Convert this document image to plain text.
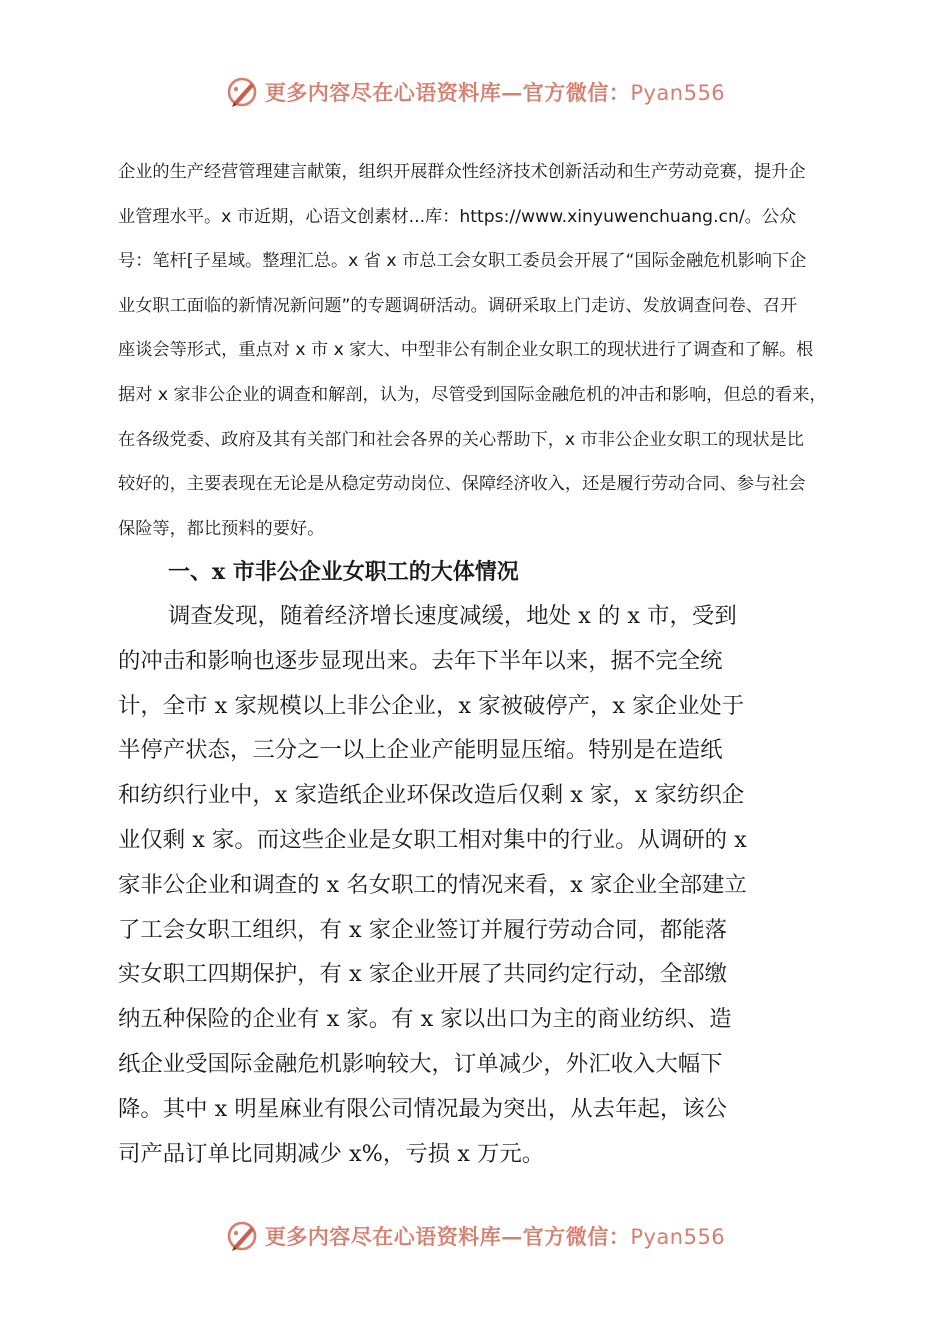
更多内容尽在心语资料库—官方微信：Pyan556

企业的生产经营管理建言献策，组织开展群众性经济技术创新活动和生产劳动竞赛，提升企

业管理水平。x 市近期，心语文创素材...库：https://www.xinyuwenchuang.cn/。公众

号：笔杆[子星域。整理汇总。x 省 x 市总工会女职工委员会开展了“国际金融危机影响下企

业女职工面临的新情况新问题”的专题调研活动。调研采取上门走访、发放调查问卷、召开

座谈会等形式，重点对 x 市 x 家大、中型非公有制企业女职工的现状进行了调查和了解。根

据对 x 家非公企业的调查和解剖，认为，尽管受到国际金融危机的冲击和影响，但总的看来，

在各级党委、政府及其有关部门和社会各界的关心帮助下，x 市非公企业女职工的现状是比

较好的，主要表现在无论是从稳定劳动岗位、保障经济收入，还是履行劳动合同、参与社会

保险等，都比预料的要好。

一、x 市非公企业女职工的大体情况

调查发现，随着经济增长速度减缓，地处 x 的 x 市，受到

的冲击和影响也逐步显现出来。去年下半年以来，据不完全统

计，全市 x 家规模以上非公企业，x 家被破停产，x 家企业处于

半停产状态，三分之一以上企业产能明显压缩。特别是在造纸

和纺织行业中，x 家造纸企业环保改造后仅剩 x 家，x 家纺织企

业仅剩 x 家。而这些企业是女职工相对集中的行业。从调研的 x

家非公企业和调查的 x 名女职工的情况来看，x 家企业全部建立

了工会女职工组织，有 x 家企业签订并履行劳动合同，都能落

实女职工四期保护，有 x 家企业开展了共同约定行动，全部缴

纳五种保险的企业有 x 家。有 x 家以出口为主的商业纺织、造

纸企业受国际金融危机影响较大，订单减少，外汇收入大幅下

降。其中 x 明星麻业有限公司情况最为突出，从去年起，该公

司产品订单比同期减少 x%，亏损 x 万元。

更多内容尽在心语资料库—官方微信：Pyan556
